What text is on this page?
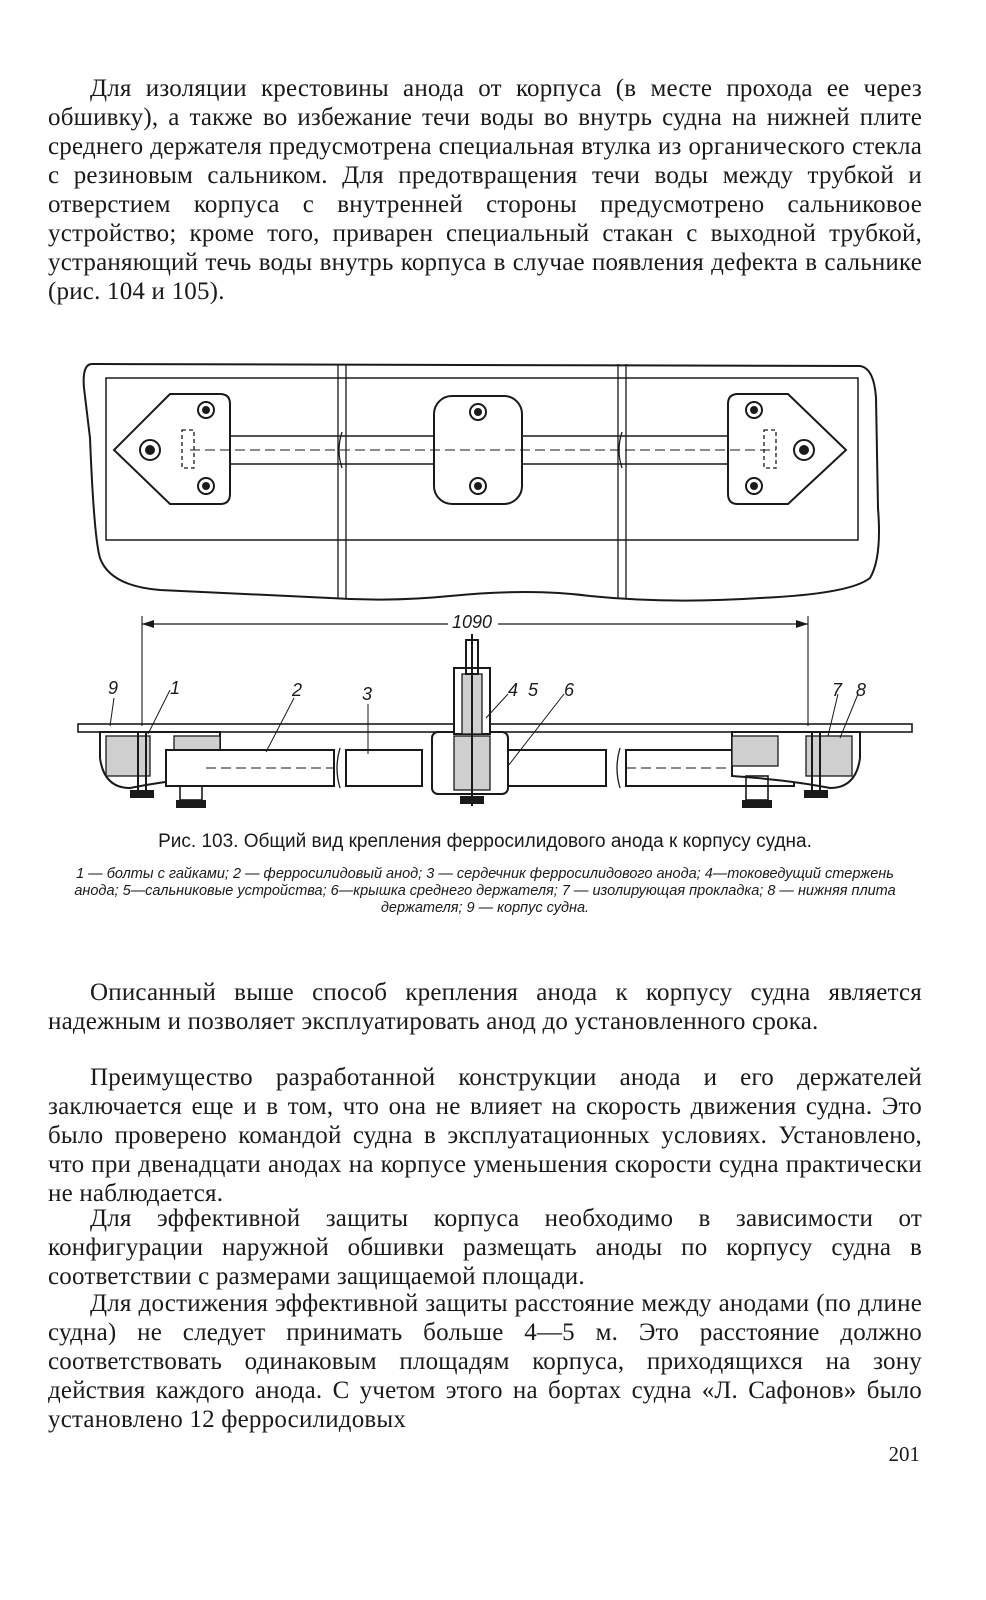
Для изоляции крестовины анода от корпуса (в месте прохода ее через обшивку), а также во избежание течи воды во внутрь судна на нижней плите среднего держателя предусмотрена специальная втулка из органического стекла с резиновым сальником. Для предотвращения течи воды между трубкой и отверстием корпуса с внутренней стороны предусмотрено сальниковое устройство; кроме того, приварен специальный стакан с выходной трубкой, устраняющий течь воды внутрь корпуса в случае появления дефекта в сальнике (рис. 104 и 105).

1090
9	1	2	3	4 5 6	7 8
Рис. 103. Общий вид крепления ферросилидового анода к корпусу судна.
1 — болты с гайками; 2 — ферросилидовый анод; 3 — сердечник ферросилидового анода; 4—токоведущий стержень анода; 5—сальниковые устройства; 6—крышка среднего держателя; 7 — изолирующая прокладка; 8 — нижняя плита держателя; 9 — корпус судна.

Описанный выше способ крепления анода к корпусу судна является надежным и позволяет эксплуатировать анод до установленного срока.

Преимущество разработанной конструкции анода и его держателей заключается еще и в том, что она не влияет на скорость движения судна. Это было проверено командой судна в эксплуатационных условиях. Установлено, что при двенадцати анодах на корпусе уменьшения скорости судна практически не наблюдается.

Для эффективной защиты корпуса необходимо в зависимости от конфигурации наружной обшивки размещать аноды по корпусу судна в соответствии с размерами защищаемой площади.

Для достижения эффективной защиты расстояние между анодами (по длине судна) не следует принимать больше 4—5 м. Это расстояние должно соответствовать одинаковым площадям корпуса, приходящихся на зону действия каждого анода. С учетом этого на бортах судна «Л. Сафонов» было установлено 12 ферросилидовых

201
